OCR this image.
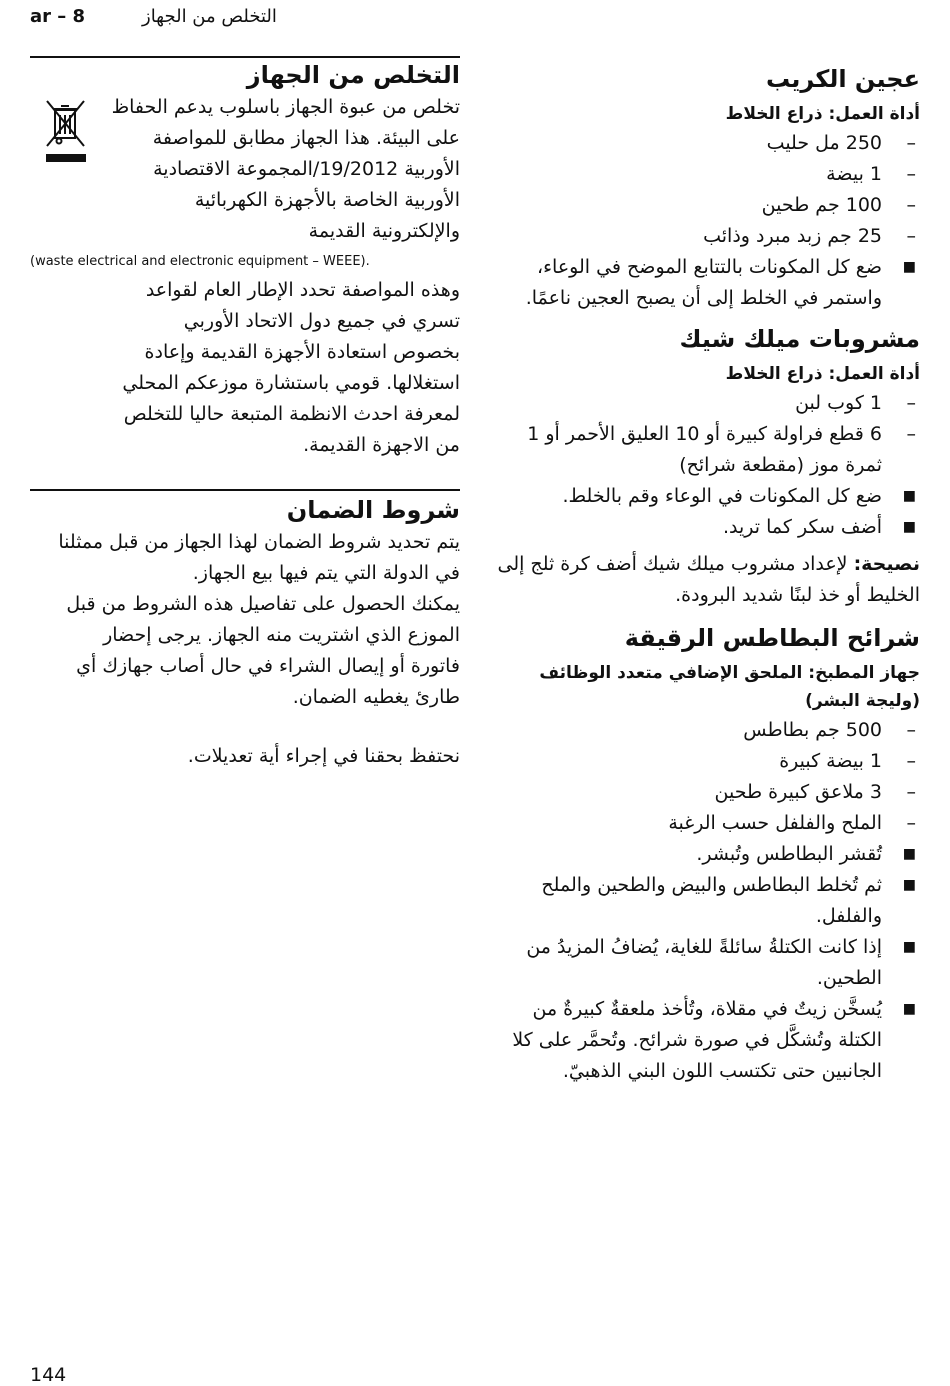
ar – 8	التخلص من الجهاز
التخلص من الجهاز

تخلص من عبوة الجهاز باسلوب يدعم الحفاظ

على البيئة. هذا الجهاز مطابق للمواصفة

الأوربية 19/2012/المجموعة الاقتصادية

الأوربية الخاصة بالأجهزة الكهربائية

والإلكترونية القديمة

(waste electrical and electronic equipment – WEEE).

وهذه المواصفة تحدد الإطار العام لقواعد

تسري في جميع دول الاتحاد الأوربي

بخصوص استعادة الأجهزة القديمة وإعادة

استغلالها. قومي باستشارة موزعكم المحلي

لمعرفة احدث الانظمة المتبعة حاليا للتخلص

من الاجهزة القديمة.

شروط الضمان

يتم تحديد شروط الضمان لهذا الجهاز من قبل ممثلنا

في الدولة التي يتم فيها بيع الجهاز.

يمكنك الحصول على تفاصيل هذه الشروط من قبل

الموزع الذي اشتريت منه الجهاز. يرجى إحضار

فاتورة أو إيصال الشراء في حال أصاب جهازك أي

طارئ يغطيه الضمان.

نحتفظ بحقنا في إجراء أية تعديلات.

عجين الكريب
أداة العمل: ذراع الخلاط
– 250 مل حليب
– 1 بيضة
– 100 جم طحين
– 25 جم زبد مبرد وذائب
■ ضع كل المكونات بالتتابع الموضح في الوعاء، واستمر في الخلط إلى أن يصبح العجين ناعمًا.
مشروبات ميلك شيك
أداة العمل: ذراع الخلاط
– 1 كوب لبن
– 6 قطع فراولة كبيرة أو 10 العليق الأحمر أو 1 ثمرة موز (مقطعة شرائح)
■ ضع كل المكونات في الوعاء وقم بالخلط.
■ أضف سكر كما تريد.

نصيحة: لإعداد مشروب ميلك شيك أضف كرة ثلج إلى الخليط أو خذ لبنًا شديد البرودة.

شرائح البطاطس الرقيقة
جهاز المطبخ: الملحق الإضافي متعدد الوظائف (وليجة البشر)
– 500 جم بطاطس
– 1 بيضة كبيرة
– 3 ملاعق كبيرة طحين
– الملح والفلفل حسب الرغبة
■ تُقشر البطاطس وتُبشر.
■ ثم تُخلط البطاطس والبيض والطحين والملح والفلفل.
■ إذا كانت الكتلةُ سائلةً للغاية، يُضافُ المزيدُ من الطحين.
■ يُسخَّن زيتٌ في مقلاة، وتُأخذ ملعقةٌ كبيرةٌ من الكتلة وتُشكَّل في صورة شرائح. وتُحمَّر على كلا الجانبين حتى تكتسب اللون البني الذهبيّ.
144
